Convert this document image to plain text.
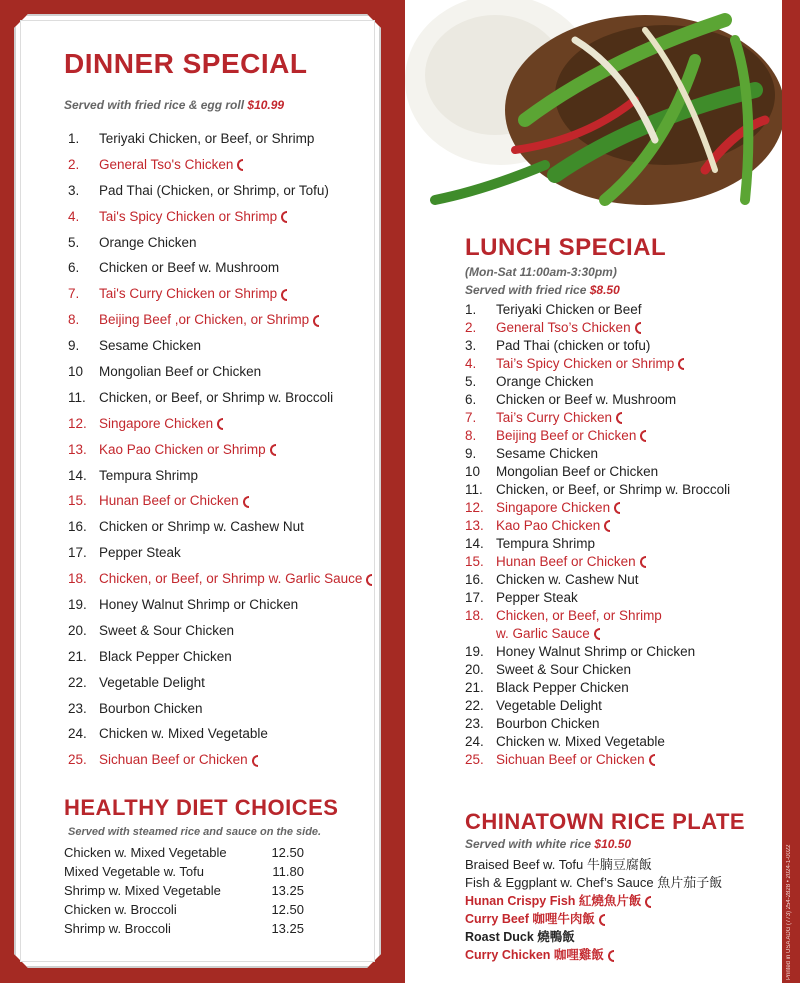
DINNER SPECIAL
Served with fried rice & egg roll $10.99
1. Teriyaki Chicken, or Beef, or Shrimp
2. General Tso's Chicken
3. Pad Thai (Chicken, or Shrimp, or Tofu)
4. Tai's Spicy Chicken or Shrimp
5. Orange Chicken
6. Chicken or Beef w. Mushroom
7. Tai's Curry Chicken or Shrimp
8. Beijing Beef ,or Chicken, or Shrimp
9. Sesame Chicken
10 Mongolian Beef or Chicken
11. Chicken, or Beef, or Shrimp w. Broccoli
12. Singapore Chicken
13. Kao Pao Chicken or Shrimp
14. Tempura Shrimp
15. Hunan Beef or Chicken
16. Chicken or Shrimp w. Cashew Nut
17. Pepper Steak
18. Chicken, or Beef, or Shrimp w. Garlic Sauce
19. Honey Walnut Shrimp or Chicken
20. Sweet & Sour Chicken
21. Black Pepper Chicken
22. Vegetable Delight
23. Bourbon Chicken
24. Chicken w. Mixed Vegetable
25. Sichuan Beef or Chicken
HEALTHY DIET CHOICES
Served with steamed rice and sauce on the side.
Chicken w. Mixed Vegetable	12.50
Mixed Vegetable w. Tofu	11.80
Shrimp w. Mixed Vegetable	13.25
Chicken w. Broccoli	12.50
Shrimp w. Broccoli	13.25
LUNCH SPECIAL
(Mon-Sat 11:00am-3:30pm)
Served with fried rice $8.50
1. Teriyaki Chicken or Beef
2. General Tso’s Chicken
3. Pad Thai (chicken or tofu)
4. Tai’s Spicy Chicken or Shrimp
5. Orange Chicken
6. Chicken or Beef w. Mushroom
7. Tai’s Curry Chicken
8. Beijing Beef or Chicken
9. Sesame Chicken
10 Mongolian Beef or Chicken
11. Chicken, or Beef, or Shrimp w. Broccoli
12. Singapore Chicken
13. Kao Pao Chicken
14. Tempura Shrimp
15. Hunan Beef or Chicken
16. Chicken w. Cashew Nut
17. Pepper Steak
18. Chicken, or Beef, or Shrimp
w. Garlic Sauce
19. Honey Walnut Shrimp or Chicken
20. Sweet & Sour Chicken
21. Black Pepper Chicken
22. Vegetable Delight
23. Bourbon Chicken
24. Chicken w. Mixed Vegetable
25. Sichuan Beef or Chicken
CHINATOWN RICE PLATE
Served with white rice $10.50
Braised Beef w. Tofu 牛腩豆腐飯
Fish & Eggplant w. Chef’s Sauce 魚片茄子飯
Hunan Crispy Fish 紅燒魚片飯
Curry Beef 咖哩牛肉飯
Roast Duck 燒鴨飯
Curry Chicken 咖哩雞飯	Printed in USA ADG (773) 254-2828 • 2024-1-0022
